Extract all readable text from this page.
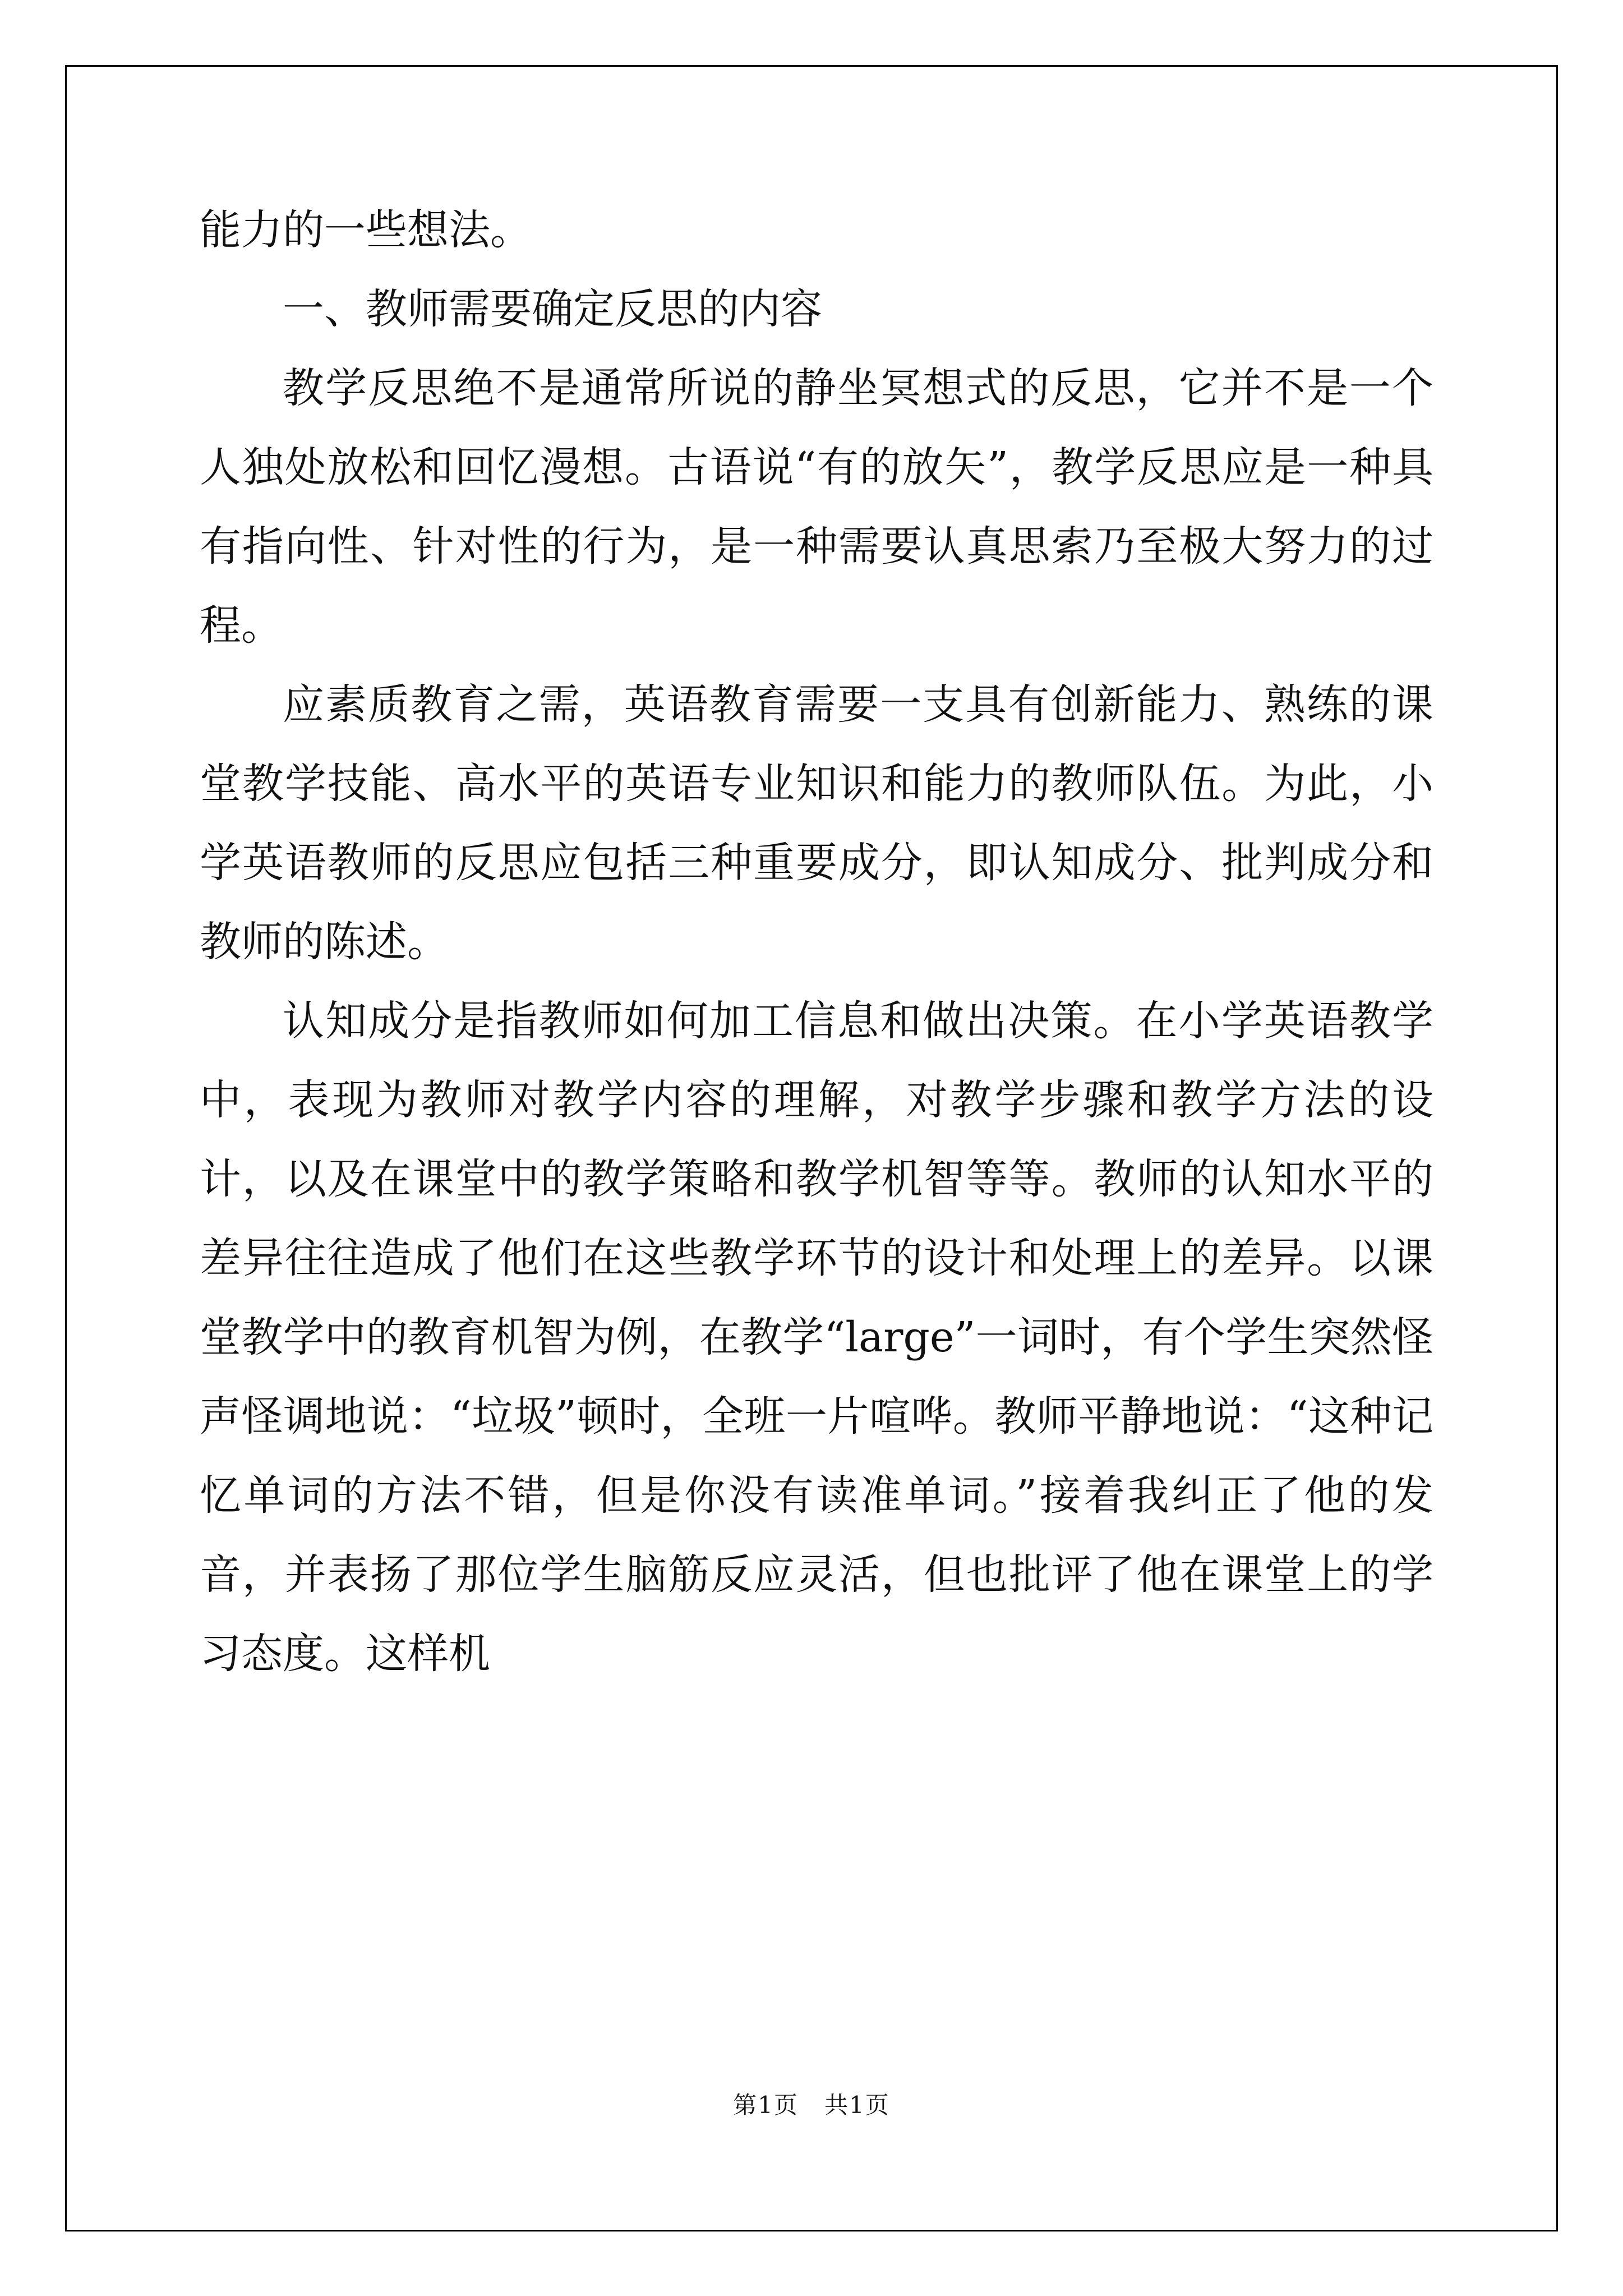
能力的一些想法。

一、教师需要确定反思的内容

教学反思绝不是通常所说的静坐冥想式的反思，它并不是一个人独处放松和回忆漫想。古语说“有的放矢”，教学反思应是一种具有指向性、针对性的行为，是一种需要认真思索乃至极大努力的过程。

应素质教育之需，英语教育需要一支具有创新能力、熟练的课堂教学技能、高水平的英语专业知识和能力的教师队伍。为此，小学英语教师的反思应包括三种重要成分，即认知成分、批判成分和教师的陈述。

认知成分是指教师如何加工信息和做出决策。在小学英语教学中，表现为教师对教学内容的理解，对教学步骤和教学方法的设计，以及在课堂中的教学策略和教学机智等等。教师的认知水平的差异往往造成了他们在这些教学环节的设计和处理上的差异。以课堂教学中的教育机智为例，在教学“large”一词时，有个学生突然怪声怪调地说：“垃圾”顿时，全班一片喧哗。教师平静地说：“这种记忆单词的方法不错，但是你没有读准单词。”接着我纠正了他的发音，并表扬了那位学生脑筋反应灵活，但也批评了他在课堂上的学习态度。这样机

第1页 共1页
